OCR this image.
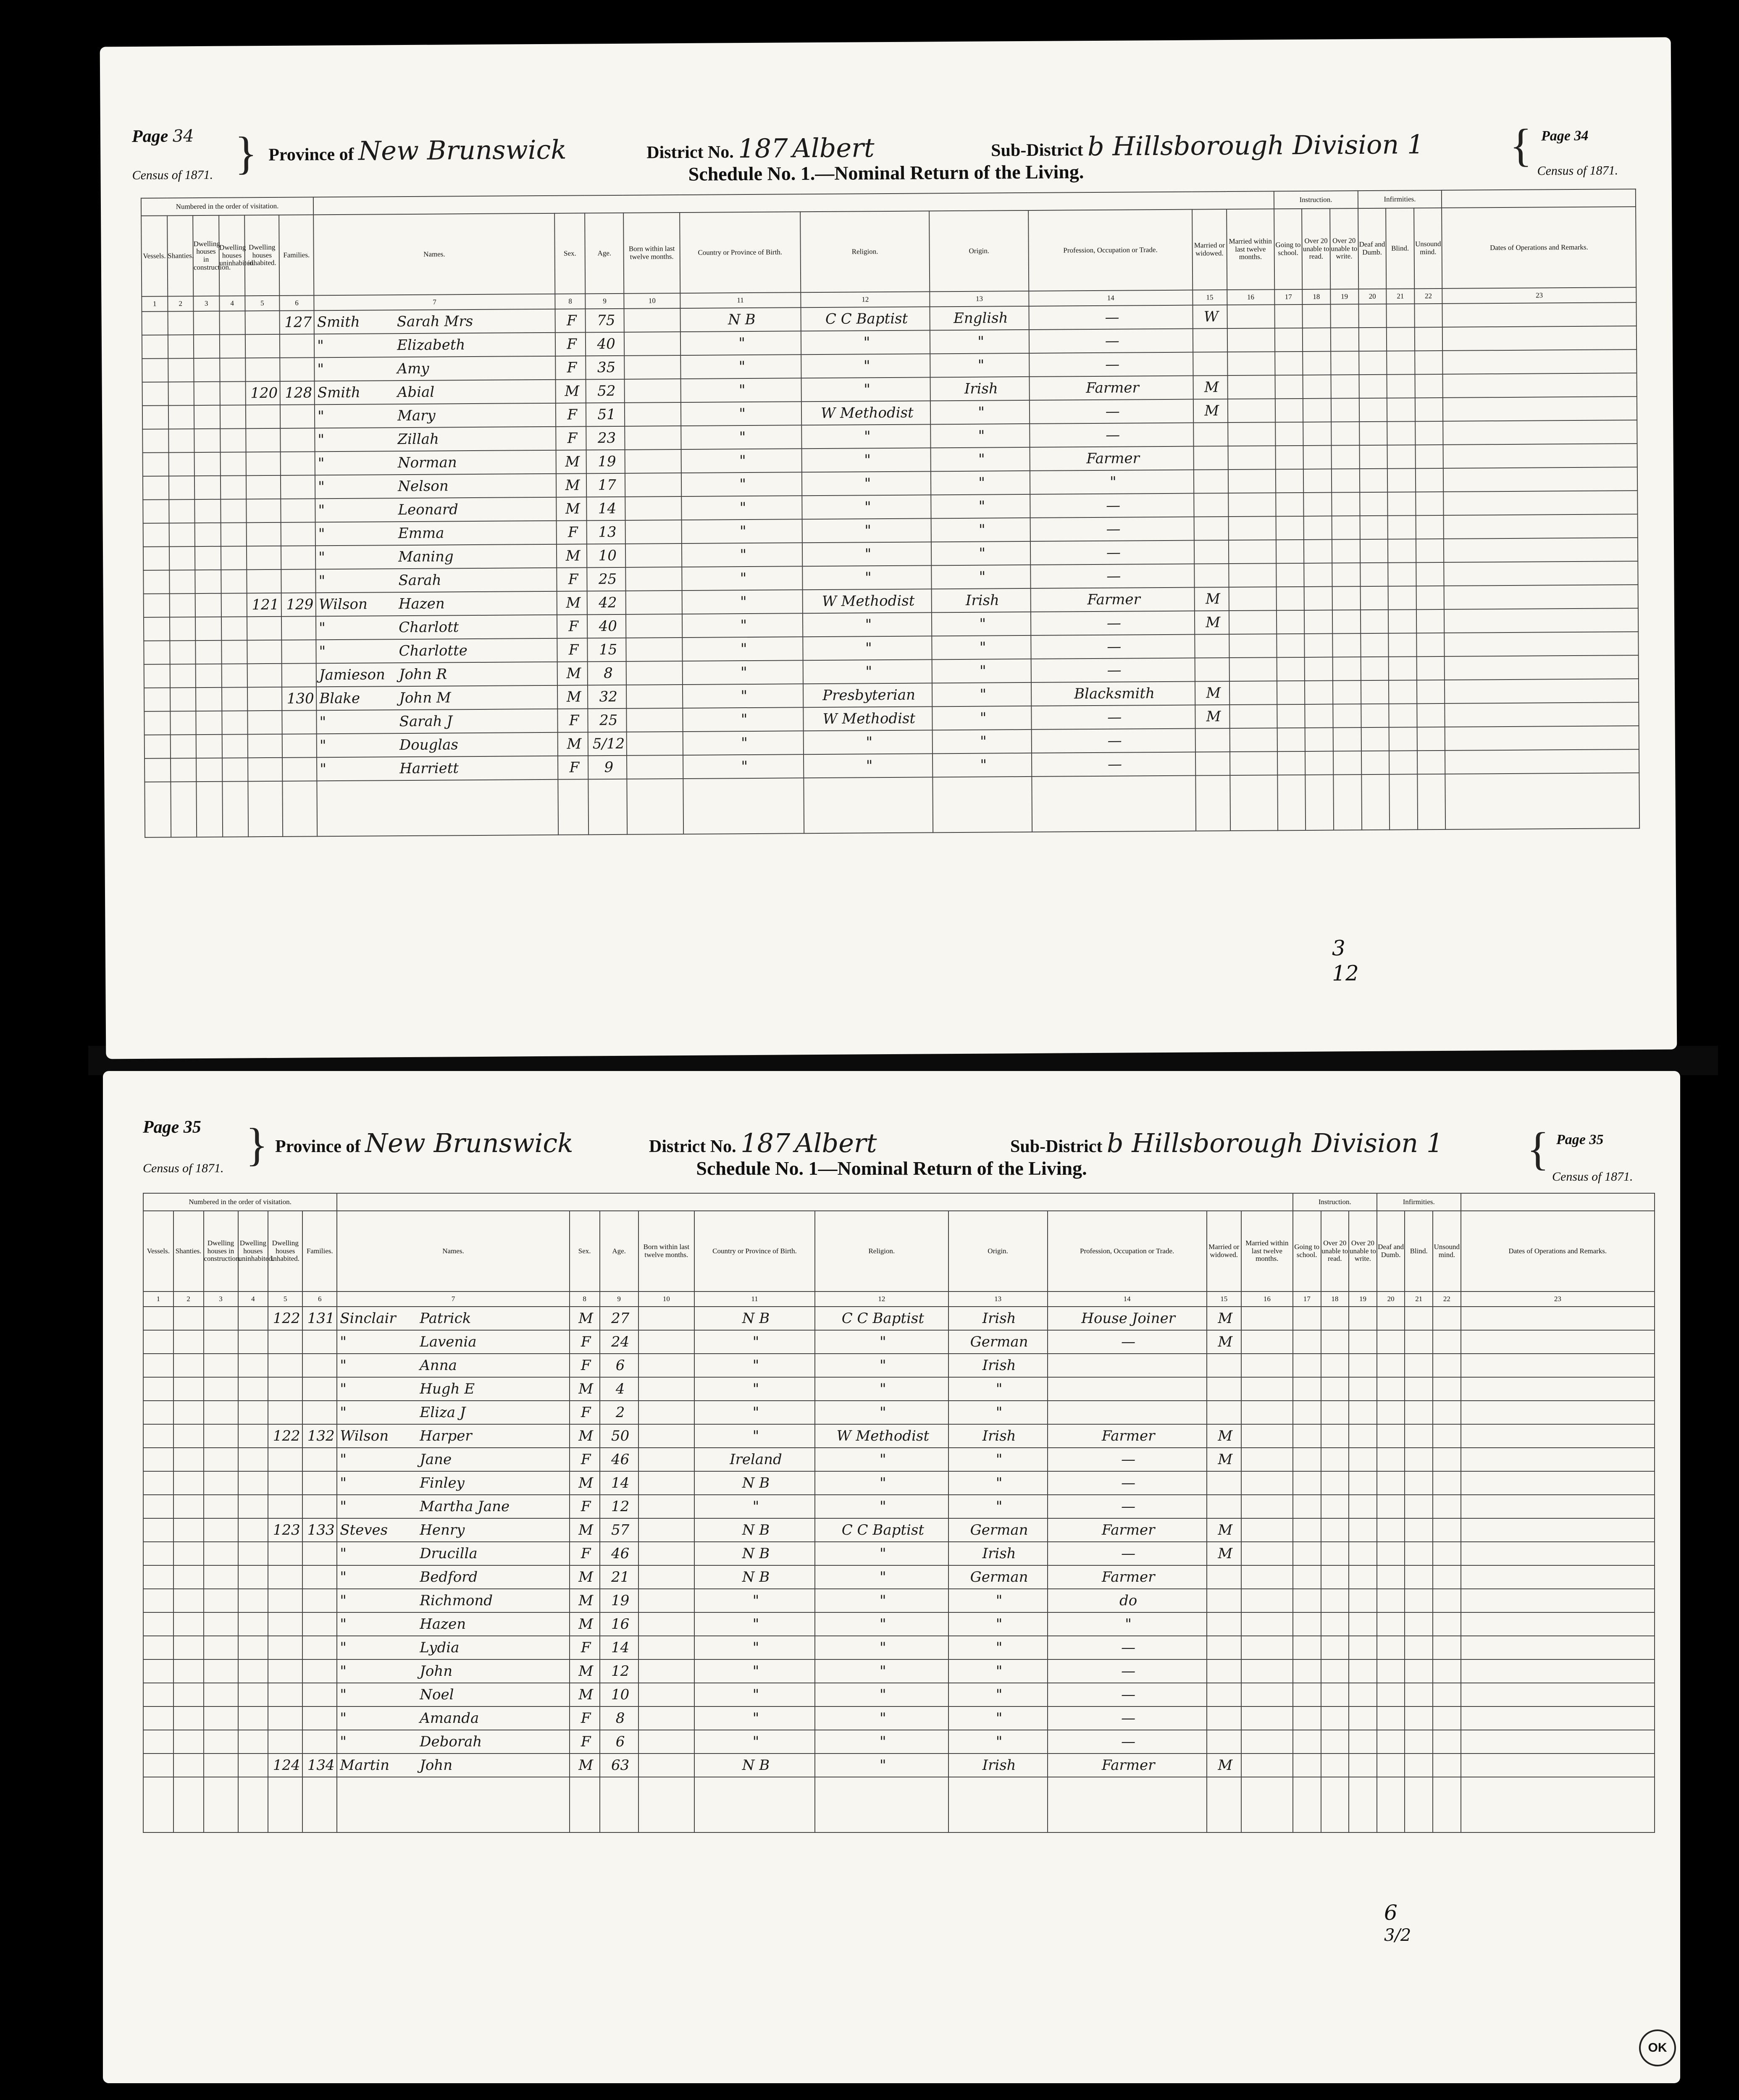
Page 34
Census of 1871. } Province of New Brunswick	District No. 187 Albert	Sub-District b Hillsborough Division 1
Schedule No. 1.—Nominal Return of the Living.
{ Page 34
Census of 1871.
Numbered in the order of visitation.																Instruction.			Infirmities.			
Vessels.	Shanties.	Dwelling houses in construction.	Dwelling houses uninhabited.	Dwelling houses inhabited.	Families.	Names.	Sex.	Age.	Born within last twelve months.	Country or Province of Birth.	Religion.	Origin.	Profession, Occupation or Trade.	Married or widowed.	Married within last twelve months.	Going to school.	Over 20 unable to read.	Over 20 unable to write.	Deaf and Dumb.	Blind.	Unsound mind.	Dates of Operations and Remarks.
1	2	3	4	5	6	7	8	9	10	11	12	13	14	15	16	17	18	19	20	21	22	23
					127	Smith Sarah Mrs	F	75		N B	C C Baptist	English	—	W								
						" Elizabeth	F	40		"	"	"	—									
						" Amy	F	35		"	"	"	—									
				120	128	Smith Abial	M	52		"	"	Irish	Farmer	M								
						" Mary	F	51		"	W Methodist	"	—	M								
						" Zillah	F	23		"	"	"	—									
						" Norman	M	19		"	"	"	Farmer									
						" Nelson	M	17		"	"	"	"									
						" Leonard	M	14		"	"	"	—									
						" Emma	F	13		"	"	"	—									
						" Maning	M	10		"	"	"	—									
						" Sarah	F	25		"	"	"	—									
				121	129	Wilson Hazen	M	42		"	W Methodist	Irish	Farmer	M								
						" Charlott	F	40		"	"	"	—	M								
						" Charlotte	F	15		"	"	"	—									
						Jamieson John R	M	8		"	"	"	—									
					130	Blake John M	M	32		"	Presbyterian	"	Blacksmith	M								
						" Sarah J	F	25		"	W Methodist	"	—	M								
						" Douglas	M	5/12		"	"	"	—									
						" Harriett	F	9		"	"	"	—									

3
12
Page 35
Census of 1871. } Province of New Brunswick	District No. 187 Albert	Sub-District b Hillsborough Division 1
Schedule No. 1—Nominal Return of the Living.	{ Page 35
Census of 1871.
Numbered in the order of visitation.																Instruction.			Infirmities.			
Vessels.	Shanties.	Dwelling houses in construction.	Dwelling houses uninhabited.	Dwelling houses inhabited.	Families.	Names.	Sex.	Age.	Born within last twelve months.	Country or Province of Birth.	Religion.	Origin.	Profession, Occupation or Trade.	Married or widowed.	Married within last twelve months.	Going to school.	Over 20 unable to read.	Over 20 unable to write.	Deaf and Dumb.	Blind.	Unsound mind.	Dates of Operations and Remarks.
1	2	3	4	5	6	7	8	9	10	11	12	13	14	15	16	17	18	19	20	21	22	23
				122	131	Sinclair Patrick	M	27		N B	C C Baptist	Irish	House Joiner	M								
						" Lavenia	F	24		"	"	German	—	M								
						" Anna	F	6		"	"	Irish										
						" Hugh E	M	4		"	"	"										
						" Eliza J	F	2		"	"	"										
				122	132	Wilson Harper	M	50		"	W Methodist	Irish	Farmer	M								
						" Jane	F	46		Ireland	"	"	—	M								
						" Finley	M	14		N B	"	"	—									
						" Martha Jane	F	12		"	"	"	—									
				123	133	Steves Henry	M	57		N B	C C Baptist	German	Farmer	M								
						" Drucilla	F	46		N B	"	Irish	—	M								
						" Bedford	M	21		N B	"	German	Farmer									
						" Richmond	M	19		"	"	"	do									
						" Hazen	M	16		"	"	"	"									
						" Lydia	F	14		"	"	"	—									
						" John	M	12		"	"	"	—									
						" Noel	M	10		"	"	"	—									
						" Amanda	F	8		"	"	"	—									
						" Deborah	F	6		"	"	"	—									
				124	134	Martin John	M	63		N B	"	Irish	Farmer	M								

6
3/2
OK
